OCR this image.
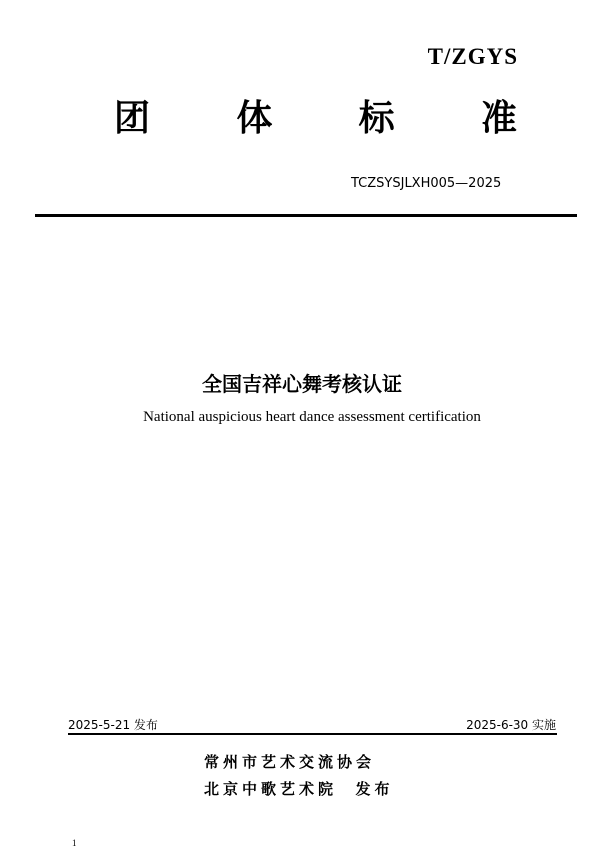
T/ZGYS
团 体 标 准
TCZSYSJLXH005—2025
全国吉祥心舞考核认证
National auspicious heart dance assessment certification
2025-5-21 发布	2025-6-30 实施
常州市艺术交流协会
北京中歌艺术院  发布
1
